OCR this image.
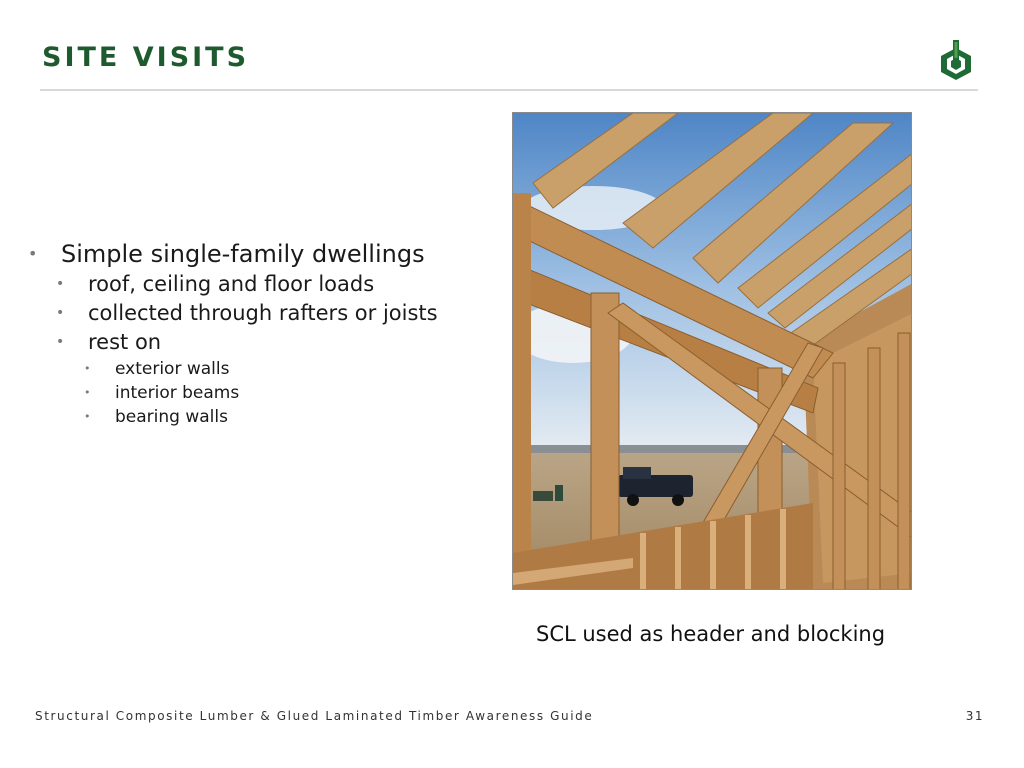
SITE VISITS
• Simple single-family dwellings
• roof, ceiling and floor loads
• collected through rafters or joists
• rest on
• exterior walls
• interior beams
• bearing walls
SCL used as header and blocking
Structural Composite Lumber & Glued Laminated Timber Awareness Guide	31
